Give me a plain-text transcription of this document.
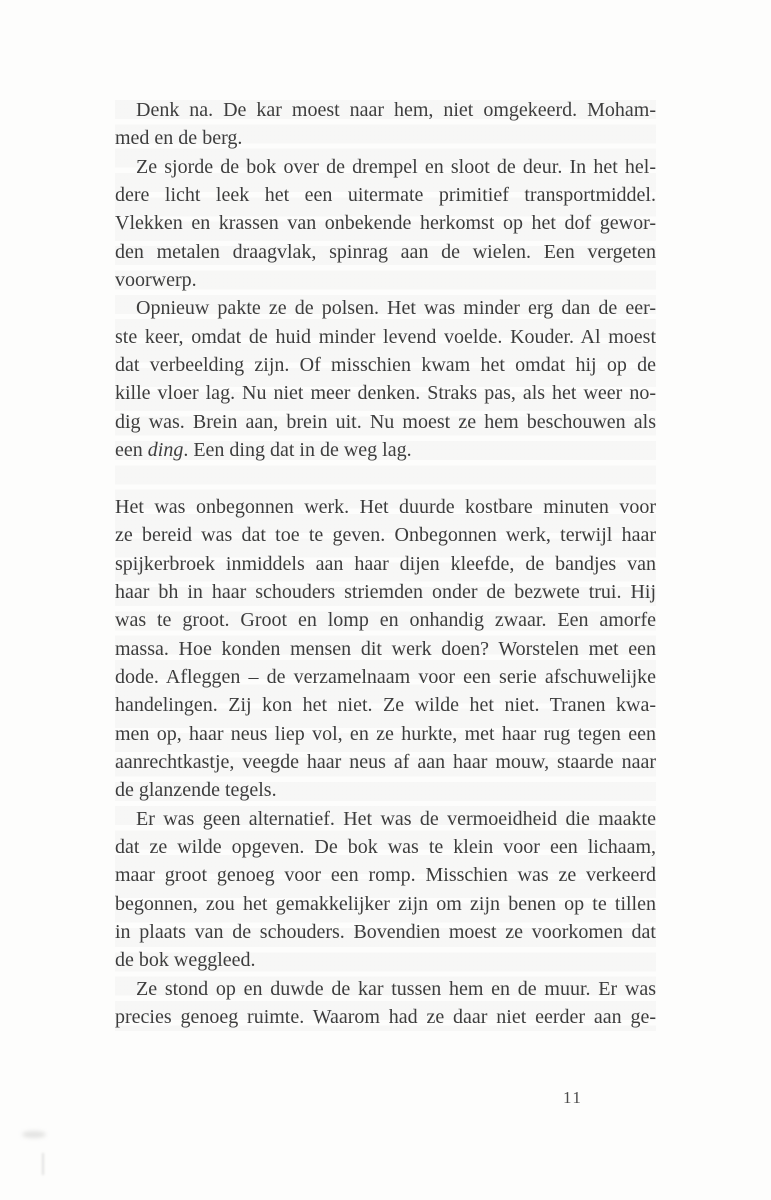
Denk na. De kar moest naar hem, niet omgekeerd. Moham-
med en de berg.
Ze sjorde de bok over de drempel en sloot de deur. In het hel-
dere licht leek het een uitermate primitief transportmiddel.
Vlekken en krassen van onbekende herkomst op het dof gewor-
den metalen draagvlak, spinrag aan de wielen. Een vergeten
voorwerp.
Opnieuw pakte ze de polsen. Het was minder erg dan de eer-
ste keer, omdat de huid minder levend voelde. Kouder. Al moest
dat verbeelding zijn. Of misschien kwam het omdat hij op de
kille vloer lag. Nu niet meer denken. Straks pas, als het weer no-
dig was. Brein aan, brein uit. Nu moest ze hem beschouwen als
een ding. Een ding dat in de weg lag.
Het was onbegonnen werk. Het duurde kostbare minuten voor
ze bereid was dat toe te geven. Onbegonnen werk, terwijl haar
spijkerbroek inmiddels aan haar dijen kleefde, de bandjes van
haar bh in haar schouders striemden onder de bezwete trui. Hij
was te groot. Groot en lomp en onhandig zwaar. Een amorfe
massa. Hoe konden mensen dit werk doen? Worstelen met een
dode. Afleggen – de verzamelnaam voor een serie afschuwelijke
handelingen. Zij kon het niet. Ze wilde het niet. Tranen kwa-
men op, haar neus liep vol, en ze hurkte, met haar rug tegen een
aanrechtkastje, veegde haar neus af aan haar mouw, staarde naar
de glanzende tegels.
Er was geen alternatief. Het was de vermoeidheid die maakte
dat ze wilde opgeven. De bok was te klein voor een lichaam,
maar groot genoeg voor een romp. Misschien was ze verkeerd
begonnen, zou het gemakkelijker zijn om zijn benen op te tillen
in plaats van de schouders. Bovendien moest ze voorkomen dat
de bok weggleed.
Ze stond op en duwde de kar tussen hem en de muur. Er was
precies genoeg ruimte. Waarom had ze daar niet eerder aan ge-
11
